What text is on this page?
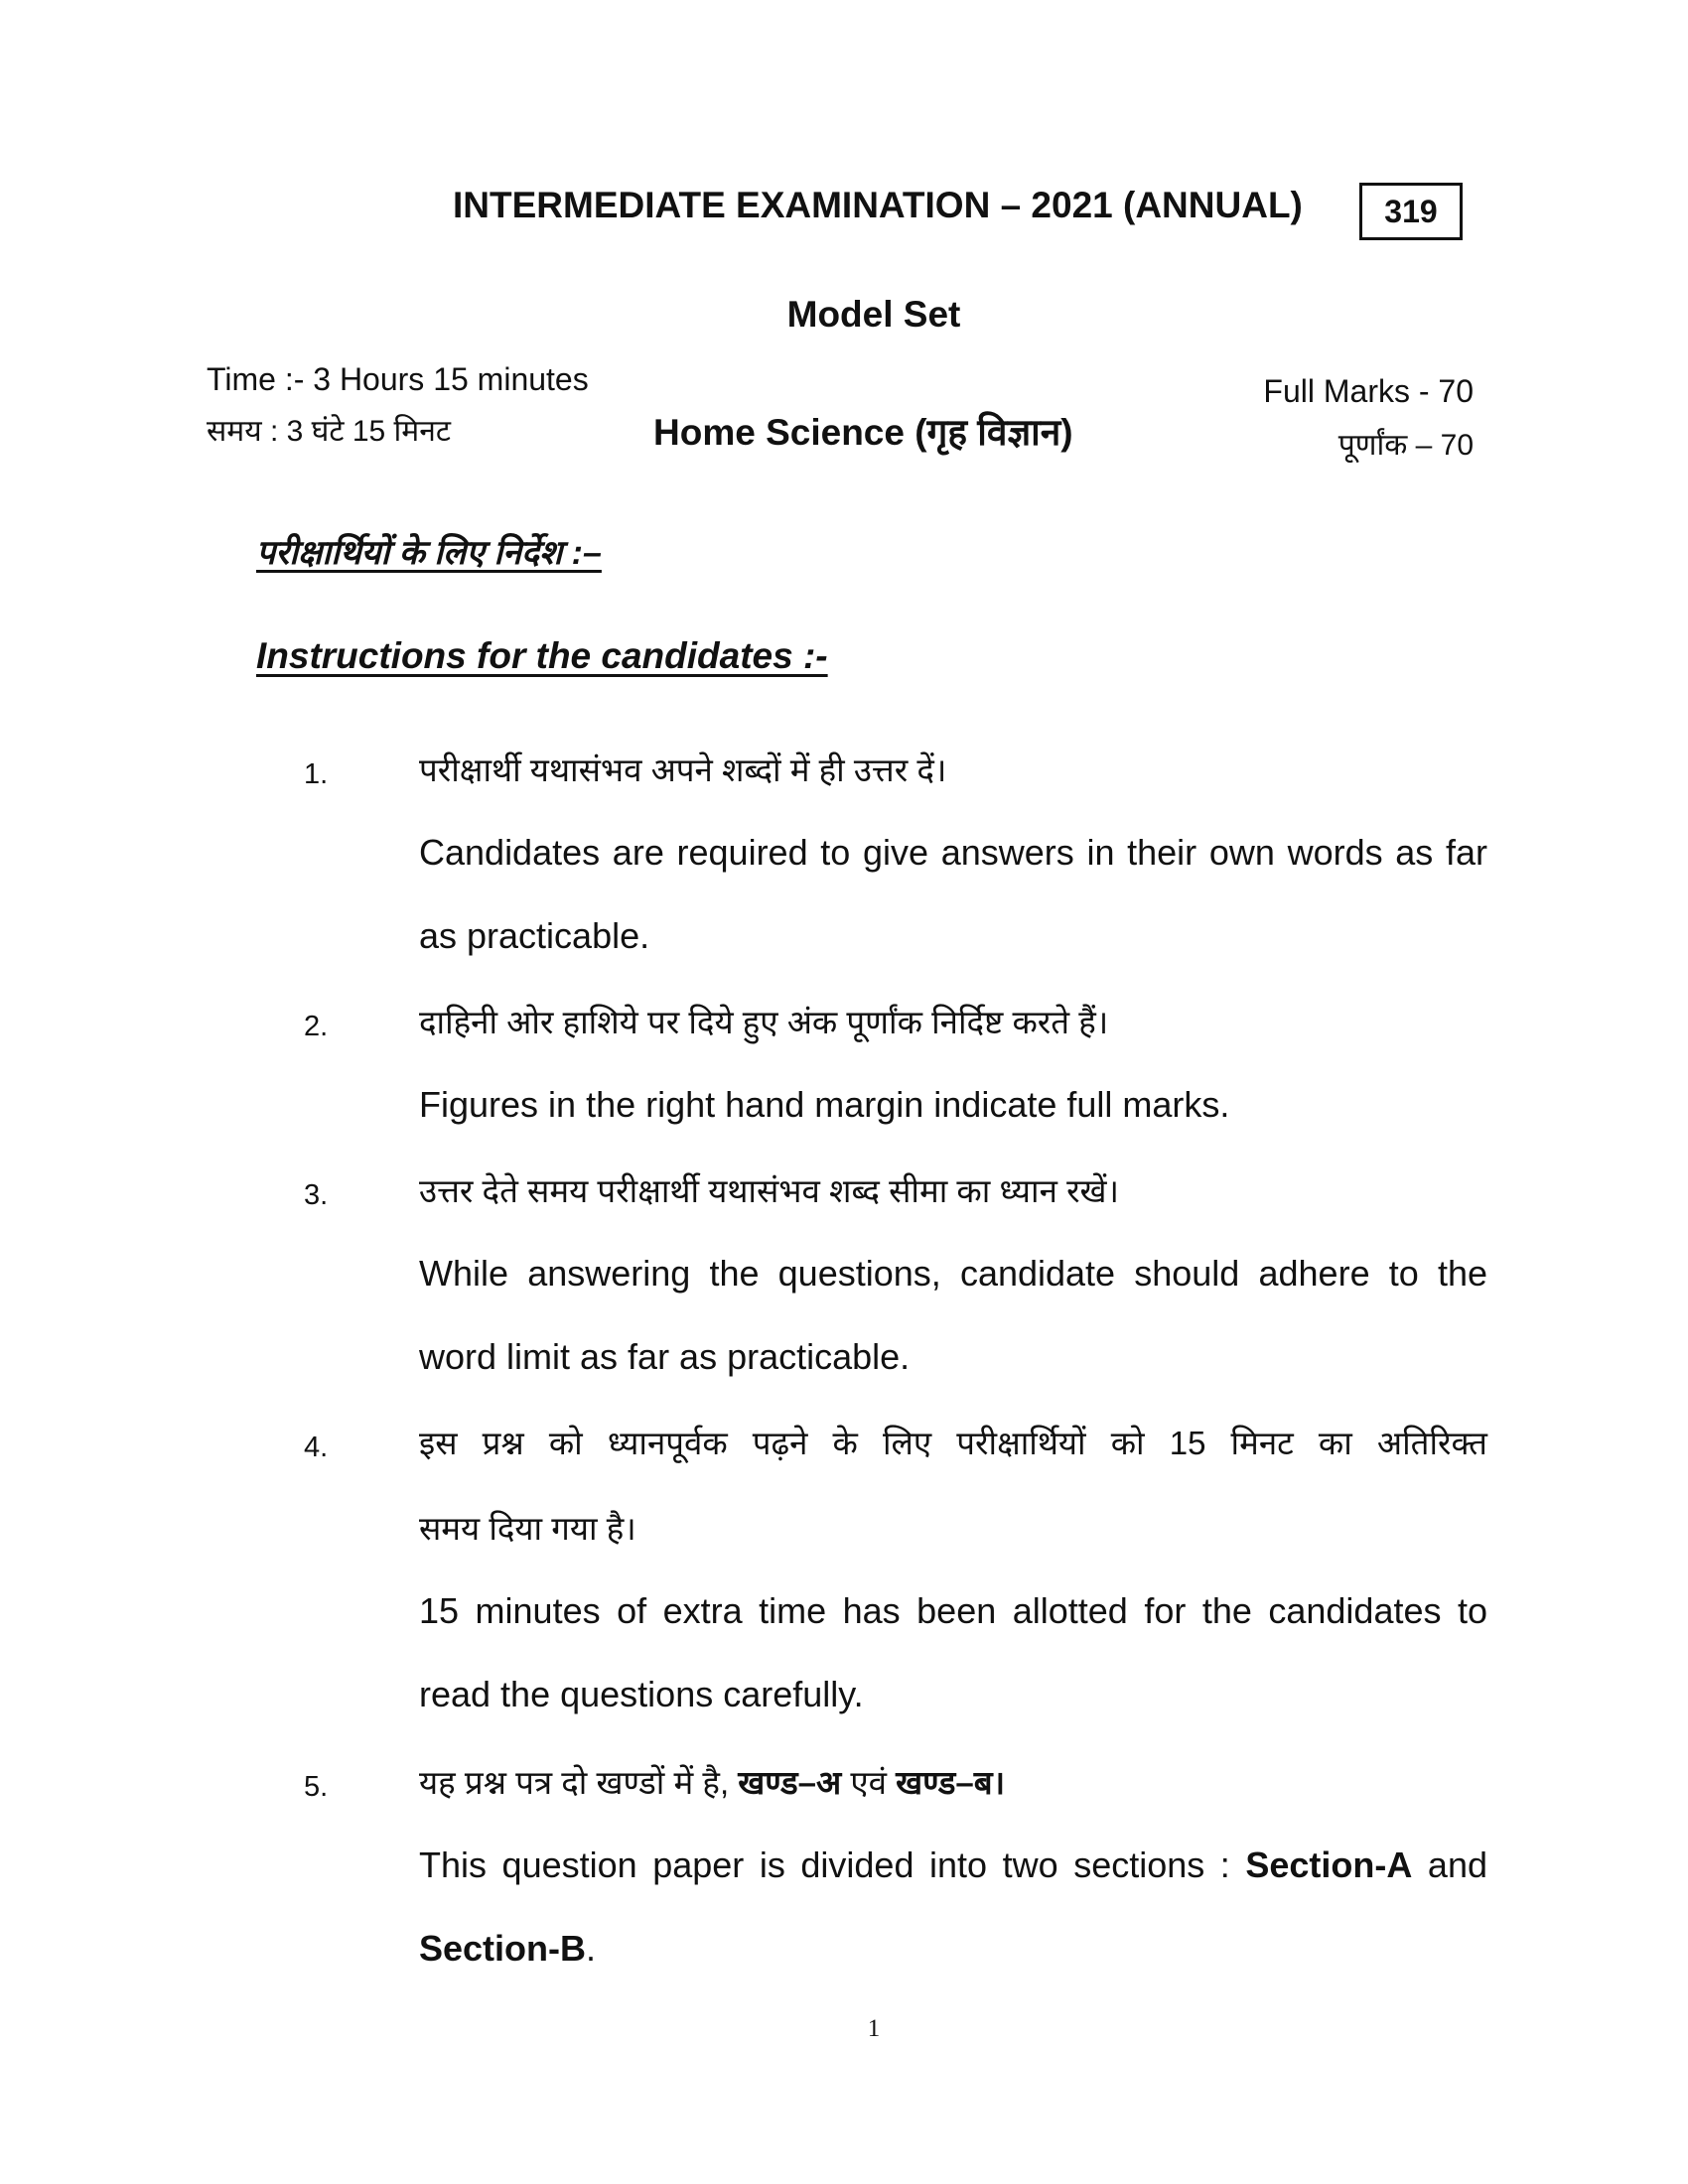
INTERMEDIATE EXAMINATION – 2021 (ANNUAL)	319
Model Set
Time :- 3 Hours 15 minutes
समय : 3 घंटे 15 मिनट	Home Science (गृह विज्ञान)
Full Marks - 70
पूर्णांक – 70
परीक्षार्थियों के लिए निर्देश :–
Instructions for the candidates :-
1.	परीक्षार्थी यथासंभव अपने शब्दों में ही उत्तर दें।
Candidates are required to give answers in their own words as far
as practicable.
2.	दाहिनी ओर हाशिये पर दिये हुए अंक पूर्णांक निर्दिष्ट करते हैं।
Figures in the right hand margin indicate full marks.
3.	उत्तर देते समय परीक्षार्थी यथासंभव शब्द सीमा का ध्यान रखें।
While answering the questions, candidate should adhere to the
word limit as far as practicable.
4.	इस प्रश्न को ध्यानपूर्वक पढ़ने के लिए परीक्षार्थियों को 15 मिनट का अतिरिक्त
समय दिया गया है।
15 minutes of extra time has been allotted for the candidates to
read the questions carefully.
5.	यह प्रश्न पत्र दो खण्डों में है, खण्ड–अ एवं खण्ड–ब।
This question paper is divided into two sections : Section-A and
Section-B.
1
